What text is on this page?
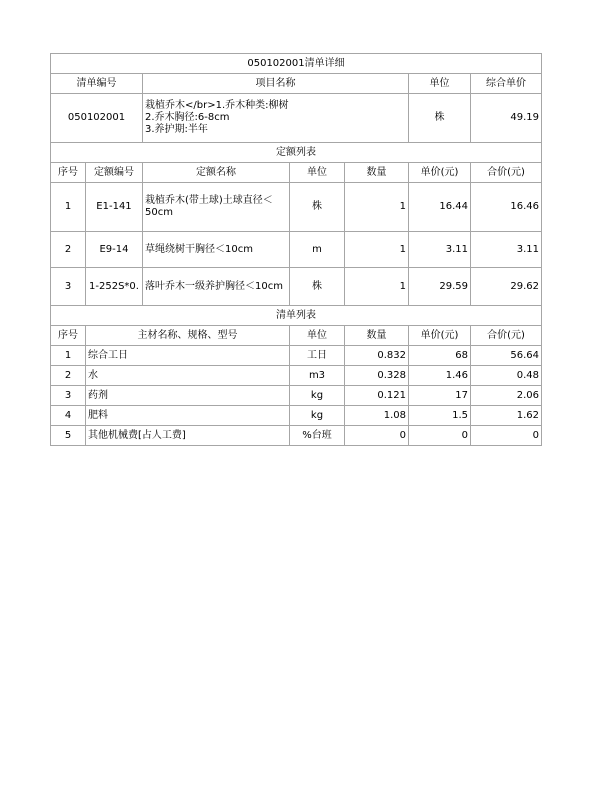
050102001清单详细						
清单编号		项目名称			单位	综合单价
050102001		栽植乔木</br>1.乔木种类:柳树
2.乔木胸径:6-8cm
3.养护期:半年			株	49.19
定额列表						
序号	定额编号	定额名称	单位	数量	单价(元)	合价(元)
1	E1-141	栽植乔木(带土球)土球直径＜50cm	株	1	16.44	16.46
2	E9-14	草绳绕树干胸径＜10cm	m	1	3.11	3.11
3	1-252S*0.	落叶乔木一级养护胸径＜10cm	株	1	29.59	29.62
清单列表						
序号	主材名称、规格、型号		单位	数量	单价(元)	合价(元)
1	综合工日		工日	0.832	68	56.64
2	水		m3	0.328	1.46	0.48
3	药剂		kg	0.121	17	2.06
4	肥料		kg	1.08	1.5	1.62
5	其他机械费[占人工费]		%台班	0	0	0
